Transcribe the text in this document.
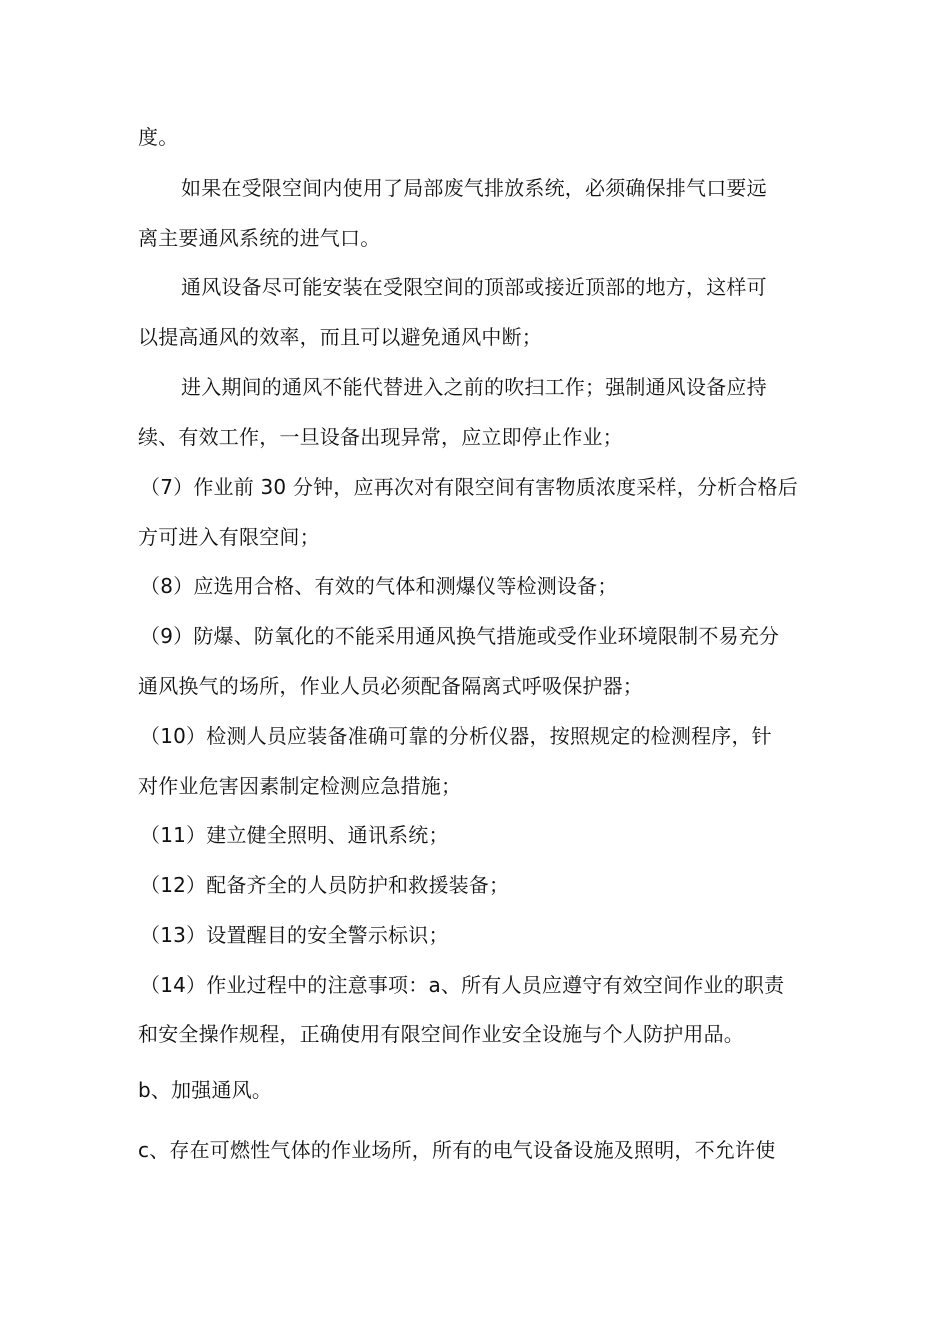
度。
如果在受限空间内使用了局部废气排放系统，必须确保排气口要远
离主要通风系统的进气口。
通风设备尽可能安装在受限空间的顶部或接近顶部的地方，这样可
以提高通风的效率，而且可以避免通风中断；
进入期间的通风不能代替进入之前的吹扫工作；强制通风设备应持
续、有效工作，一旦设备出现异常，应立即停止作业；
（7）作业前 30 分钟，应再次对有限空间有害物质浓度采样，分析合格后
方可进入有限空间；
（8）应选用合格、有效的气体和测爆仪等检测设备；
（9）防爆、防氧化的不能采用通风换气措施或受作业环境限制不易充分
通风换气的场所，作业人员必须配备隔离式呼吸保护器；
（10）检测人员应装备准确可靠的分析仪器，按照规定的检测程序，针
对作业危害因素制定检测应急措施；
（11）建立健全照明、通讯系统；
（12）配备齐全的人员防护和救援装备；
（13）设置醒目的安全警示标识；
（14）作业过程中的注意事项：a、所有人员应遵守有效空间作业的职责
和安全操作规程，正确使用有限空间作业安全设施与个人防护用品。
b、加强通风。
c、存在可燃性气体的作业场所，所有的电气设备设施及照明，不允许使
